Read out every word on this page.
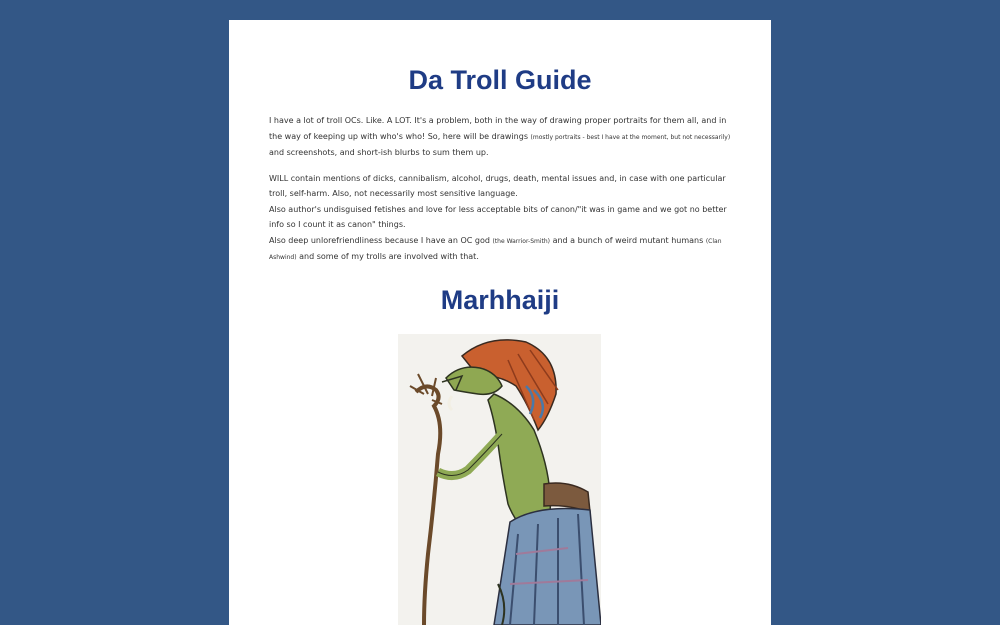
Da Troll Guide

I have a lot of troll OCs. Like. A LOT. It's a problem, both in the way of drawing proper portraits for them all, and in the way of keeping up with who's who! So, here will be drawings (mostly portraits - best I have at the moment, but not necessarily) and screenshots, and short-ish blurbs to sum them up.

WILL contain mentions of dicks, cannibalism, alcohol, drugs, death, mental issues and, in case with one particular troll, self-harm. Also, not necessarily most sensitive language.
Also author's undisguised fetishes and love for less acceptable bits of canon/"it was in game and we got no better info so I count it as canon" things.
Also deep unlorefriendliness because I have an OC god (the Warrior-Smith) and a bunch of weird mutant humans (Clan Ashwind) and some of my trolls are involved with that.

Marhhaiji
